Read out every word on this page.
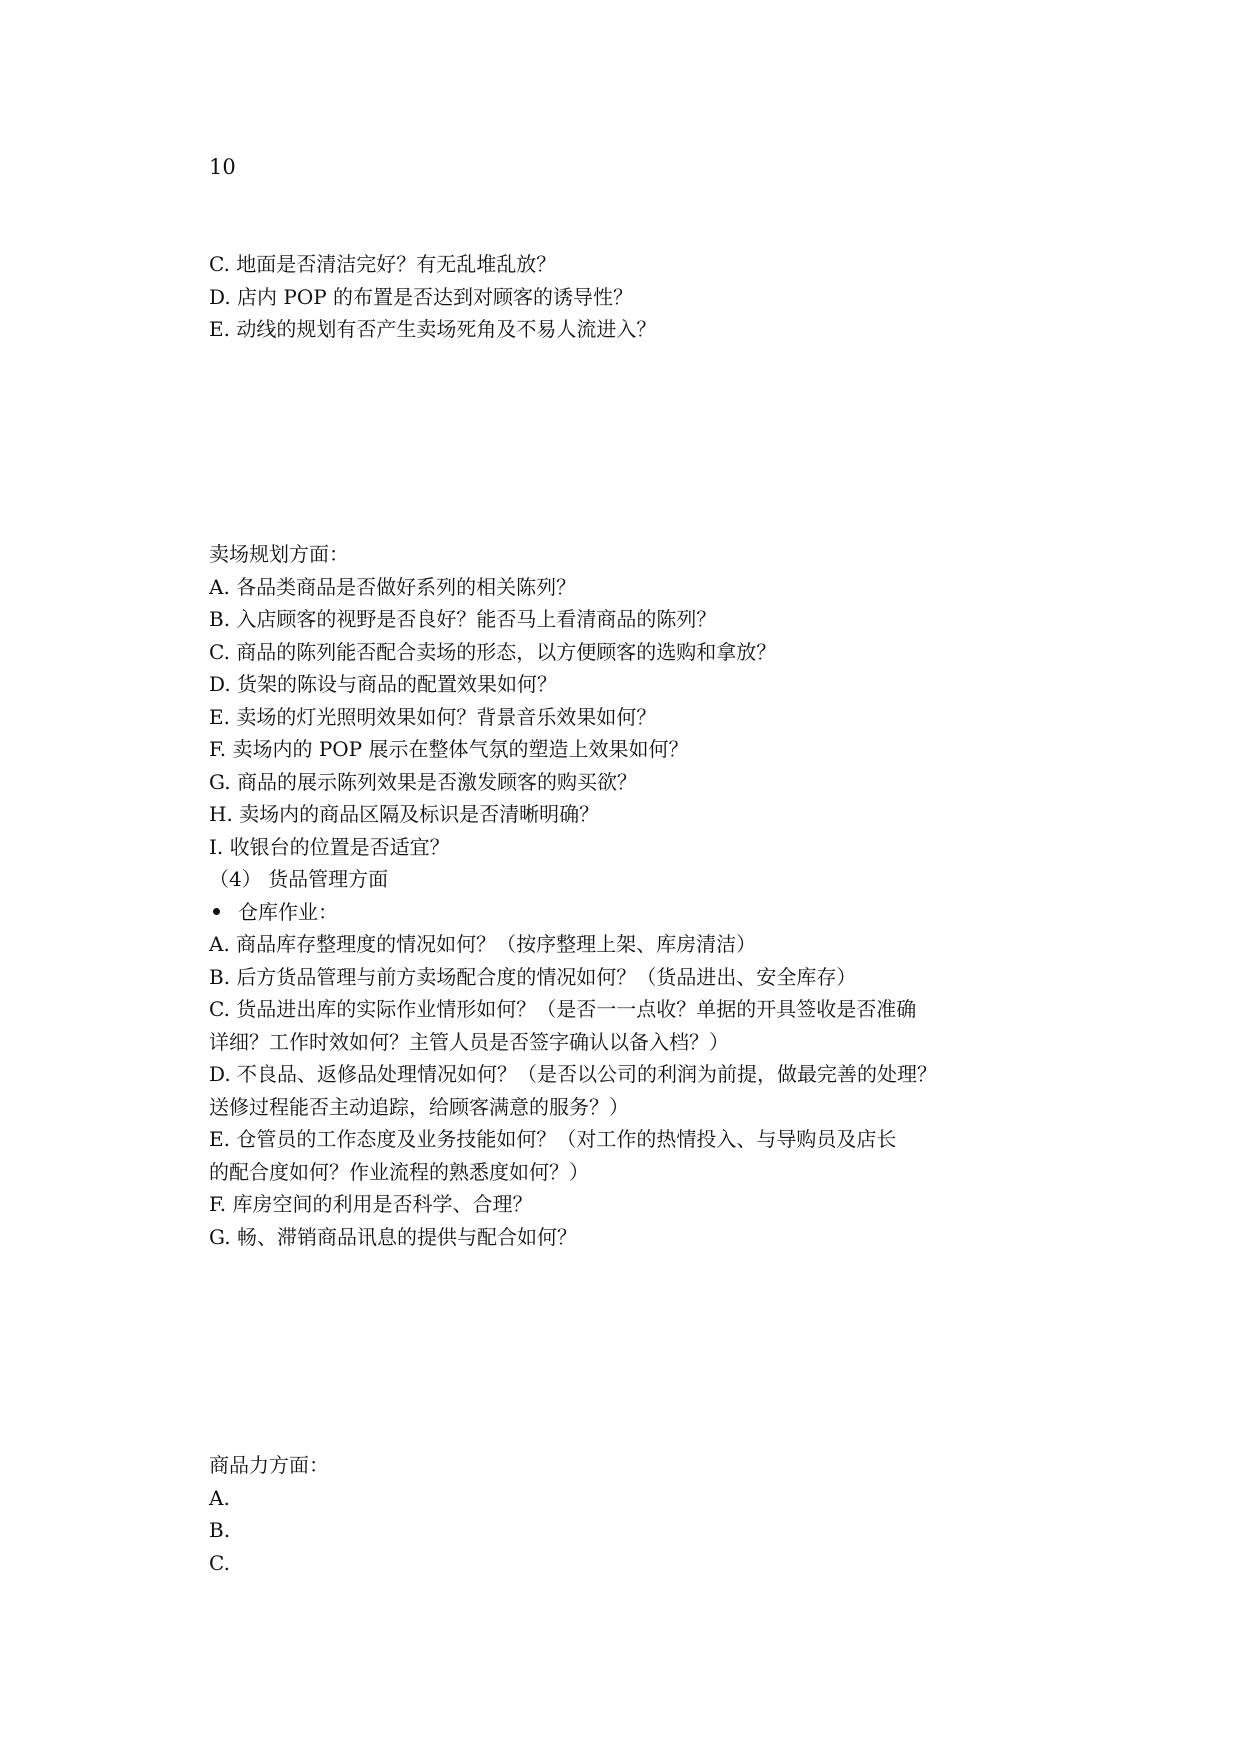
10

C. 地面是否清洁完好？有无乱堆乱放？

D. 店内 POP 的布置是否达到对顾客的诱导性？

E. 动线的规划有否产生卖场死角及不易人流进入？

卖场规划方面：

A. 各品类商品是否做好系列的相关陈列？

B. 入店顾客的视野是否良好？能否马上看清商品的陈列？

C. 商品的陈列能否配合卖场的形态，以方便顾客的选购和拿放？

D. 货架的陈设与商品的配置效果如何？

E. 卖场的灯光照明效果如何？背景音乐效果如何？

F. 卖场内的 POP 展示在整体气氛的塑造上效果如何？

G. 商品的展示陈列效果是否激发顾客的购买欲？

H. 卖场内的商品区隔及标识是否清晰明确？

I. 收银台的位置是否适宜？

（4） 货品管理方面

仓库作业：

A. 商品库存整理度的情况如何？（按序整理上架、库房清洁）

B. 后方货品管理与前方卖场配合度的情况如何？（货品进出、安全库存）

C. 货品进出库的实际作业情形如何？（是否一一点收？单据的开具签收是否准确

详细？工作时效如何？主管人员是否签字确认以备入档？）

D. 不良品、返修品处理情况如何？（是否以公司的利润为前提，做最完善的处理？

送修过程能否主动追踪，给顾客满意的服务？）

E. 仓管员的工作态度及业务技能如何？（对工作的热情投入、与导购员及店长

的配合度如何？作业流程的熟悉度如何？）

F. 库房空间的利用是否科学、合理？

G. 畅、滞销商品讯息的提供与配合如何？

商品力方面：

A.

B.

C.
